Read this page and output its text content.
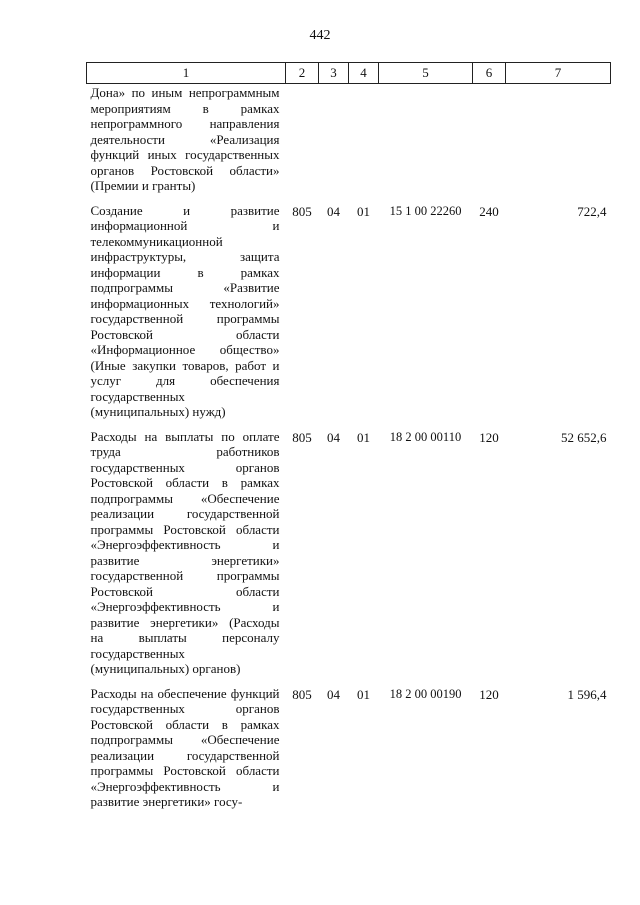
442
1	2	3	4	5	6	7
Дона» по иным непрограммным мероприятиям в рамках непрограммного направления деятельности «Реализация функций иных государственных органов Ростовской области» (Премии и гранты)						
Создание и развитие информационной и телекоммуникационной инфраструктуры, защита информации в рамках подпрограммы «Развитие информационных технологий» государственной программы Ростовской области «Информационное общество» (Иные закупки товаров, работ и услуг для обеспечения государственных (муниципальных) нужд)	805	04	01	15 1 00 22260	240	722,4
Расходы на выплаты по оплате труда работников государственных органов Ростовской области в рамках подпрограммы «Обеспечение реализации государственной программы Ростовской области «Энергоэффективность и развитие энергетики» государственной программы Ростовской области «Энергоэффективность и развитие энергетики» (Расходы на выплаты персоналу государственных (муниципальных) органов)	805	04	01	18 2 00 00110	120	52 652,6
Расходы на обеспечение функций государственных органов Ростовской области в рамках подпрограммы «Обеспечение реализации государственной программы Ростовской области «Энергоэффективность и развитие энергетики» госу-	805	04	01	18 2 00 00190	120	1 596,4
